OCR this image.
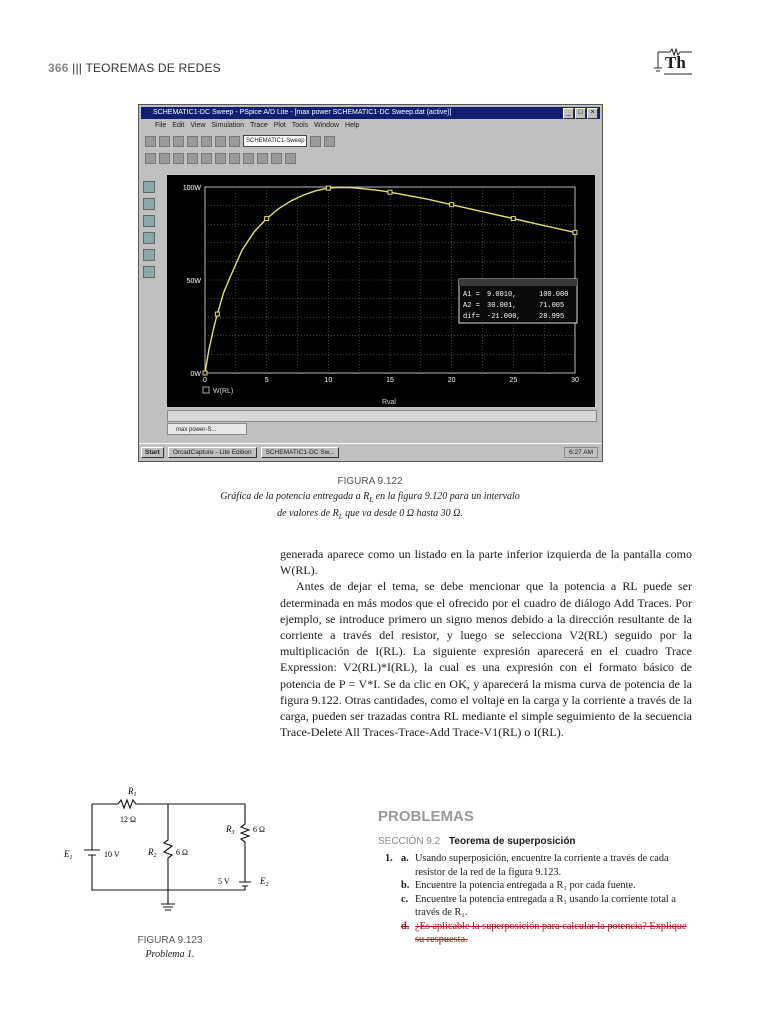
366 ||| TEOREMAS DE REDES	Th
SCHEMATIC1-DC Sweep - PSpice A/D Lite - [max power SCHEMATIC1-DC Sweep.dat (active)]	_	□	×
File Edit View Simulation Trace Plot Tools Window Help
SCHEMATIC1-Sweep
100W
50W
0W
0	5	10	15	20	25	30
A1 = 9.0010,	100.000
A2 = 30.001,	71.005
dif= -21.000,	28.995
W(RL)
Rval
max power-S...
Start	OrcadCapture - Lite Edition	SCHEMATIC1-DC Sw...	6:27 AM
FIGURA 9.122
Gráfica de la potencia entregada a $R_L$ en la figura 9.120 para un intervalo
de valores de $R_L$ que va desde 0 Ω hasta 30 Ω.

generada aparece como un listado en la parte inferior izquierda de la pantalla como W(RL).

Antes de dejar el tema, se debe mencionar que la potencia a RL puede ser determinada en más modos que el ofrecido por el cuadro de diálogo Add Traces. Por ejemplo, se introduce primero un signo menos debido a la dirección resultante de la corriente a través del resistor, y luego se selecciona V2(RL) seguido por la multiplicación de I(RL). La siguiente expresión aparecerá en el cuadro Trace Expression: V2(RL)*I(RL), la cual es una expresión con el formato básico de potencia de P = V*I. Se da clic en OK, y aparecerá la misma curva de potencia de la figura 9.122. Otras cantidades, como el voltaje en la carga y la corriente a través de la carga, pueden ser trazadas contra RL mediante el simple seguimiento de la secuencia Trace-Delete All Traces-Trace-Add Trace-V1(RL) o I(RL).

$R_1$
12 Ω
$R_2$ 6 Ω
$R_3$ 6 Ω
$E_1$	10 V
5 V	$E_2$
FIGURA 9.123
Problema 1.
PROBLEMAS
SECCIÓN 9.2 Teorema de superposición
1. a. Usando superposición, encuentre la corriente a través de cada resistor de la red de la figura 9.123.
b. Encuentre la potencia entregada a R₁ por cada fuente.
c. Encuentre la potencia entregada a R₁ usando la corriente total a través de R₁.
d. ¿Es aplicable la superposición para calcular la potencia? Explique su respuesta.
